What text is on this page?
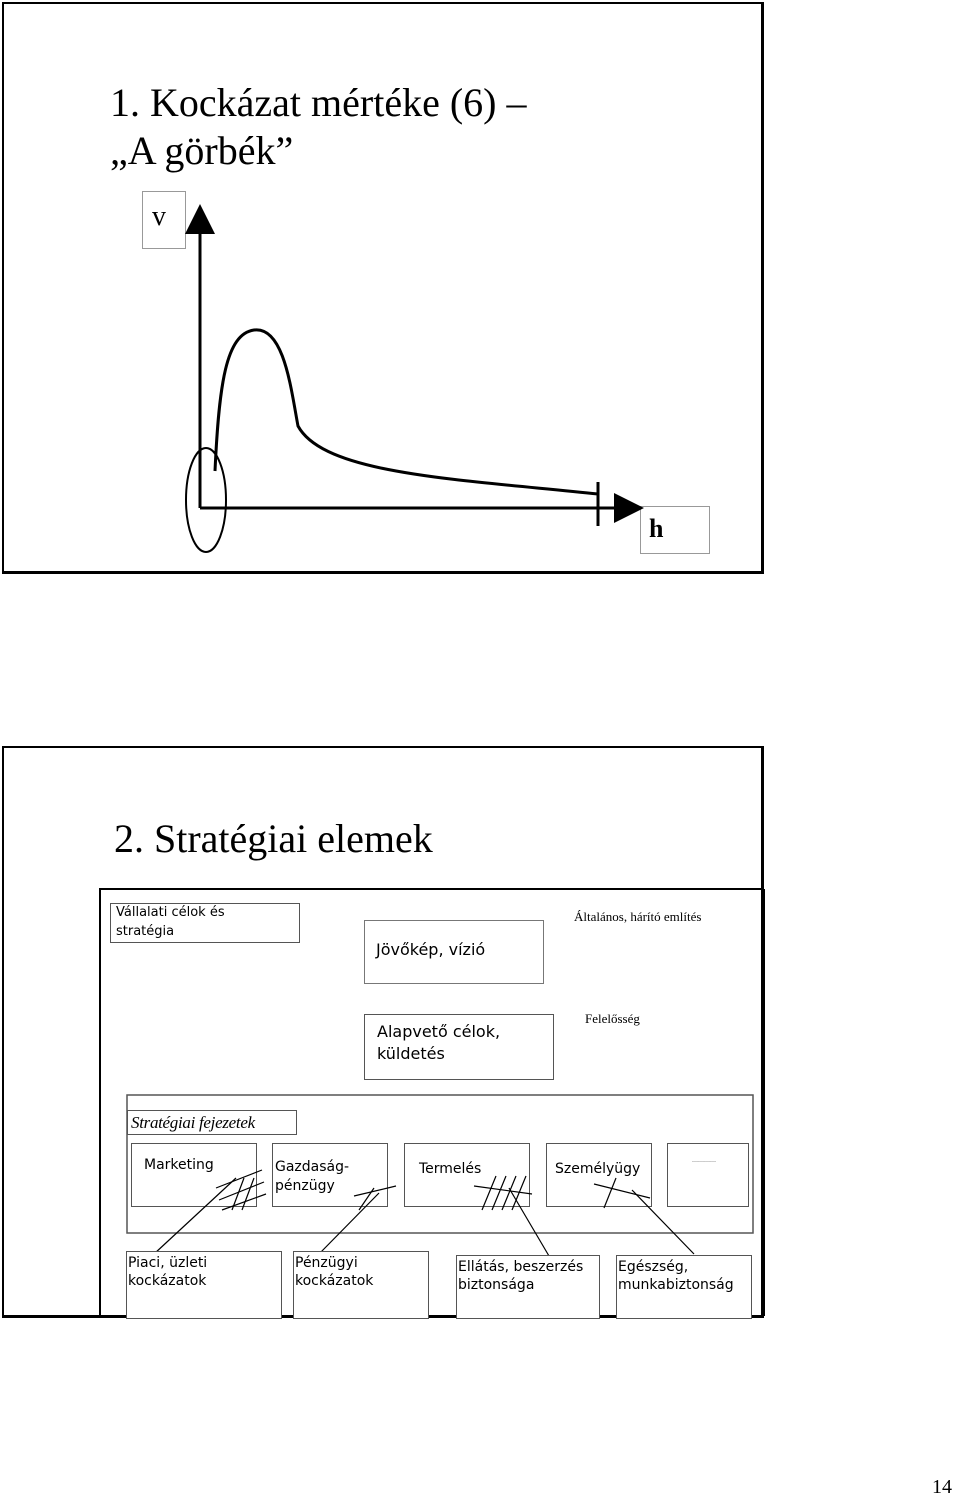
1. Kockázat mértéke (6) –
„A görbék”
v
h
2. Stratégiai elemek
Vállalati célok és
stratégia
Jövőkép, vízió
Általános, hárító említés
Alapvető célok,
küldetés
Felelősség
Stratégiai fejezetek
Marketing	Gazdaság-
pénzügy
Termelés	Személyügy	…………
Piaci, üzleti
kockázatok
Pénzügyi
kockázatok
Ellátás, beszerzés
biztonsága
Egészség,
munkabiztonság
14
